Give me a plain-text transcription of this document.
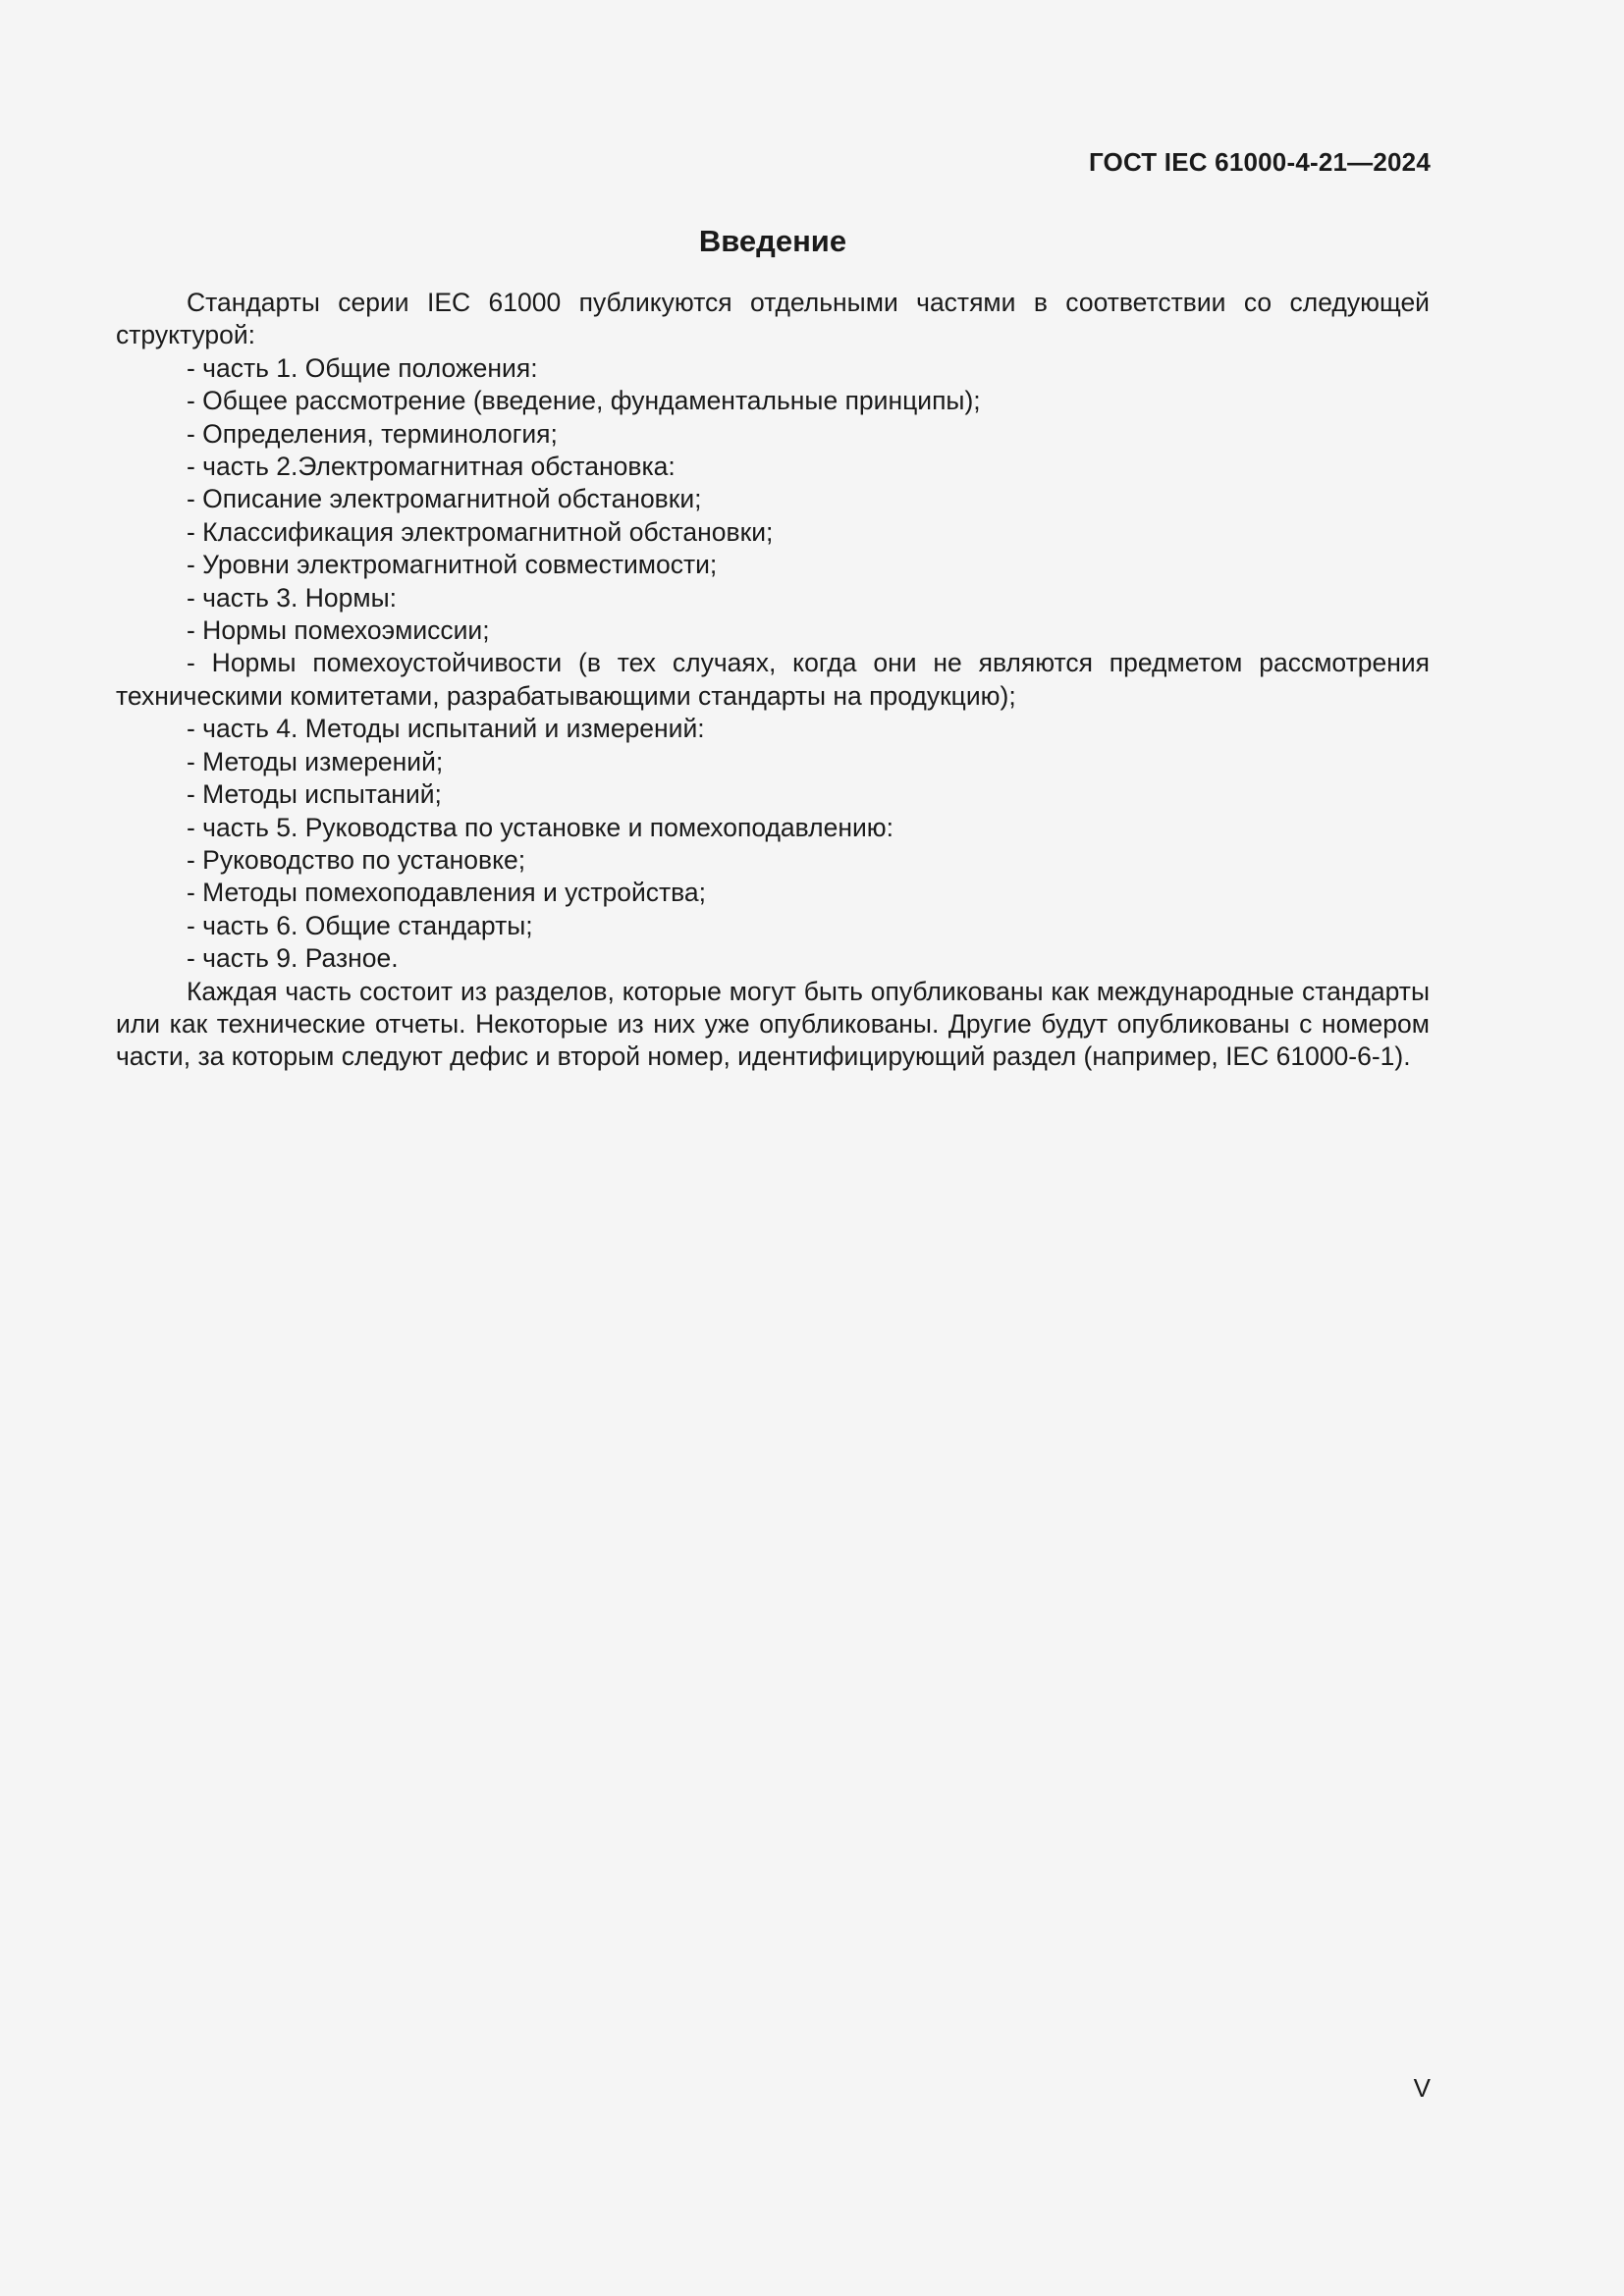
ГОСТ IEC 61000-4-21—2024
Введение

Стандарты серии IEC 61000 публикуются отдельными частями в соответствии со следующей структурой:

- часть 1. Общие положения:

- Общее рассмотрение (введение, фундаментальные принципы);

- Определения, терминология;

- часть 2.Электромагнитная обстановка:

- Описание электромагнитной обстановки;

- Классификация электромагнитной обстановки;

- Уровни электромагнитной совместимости;

- часть 3. Нормы:

- Нормы помехоэмиссии;

- Нормы помехоустойчивости (в тех случаях, когда они не являются предметом рассмотрения техническими комитетами, разрабатывающими стандарты на продукцию);

- часть 4. Методы испытаний и измерений:

- Методы измерений;

- Методы испытаний;

- часть 5. Руководства по установке и помехоподавлению:

- Руководство по установке;

- Методы помехоподавления и устройства;

- часть 6. Общие стандарты;

- часть 9. Разное.

Каждая часть состоит из разделов, которые могут быть опубликованы как международные стандарты или как технические отчеты. Некоторые из них уже опубликованы. Другие будут опубликованы с номером части, за которым следуют дефис и второй номер, идентифицирующий раздел (например, IEC 61000-6-1).

V
